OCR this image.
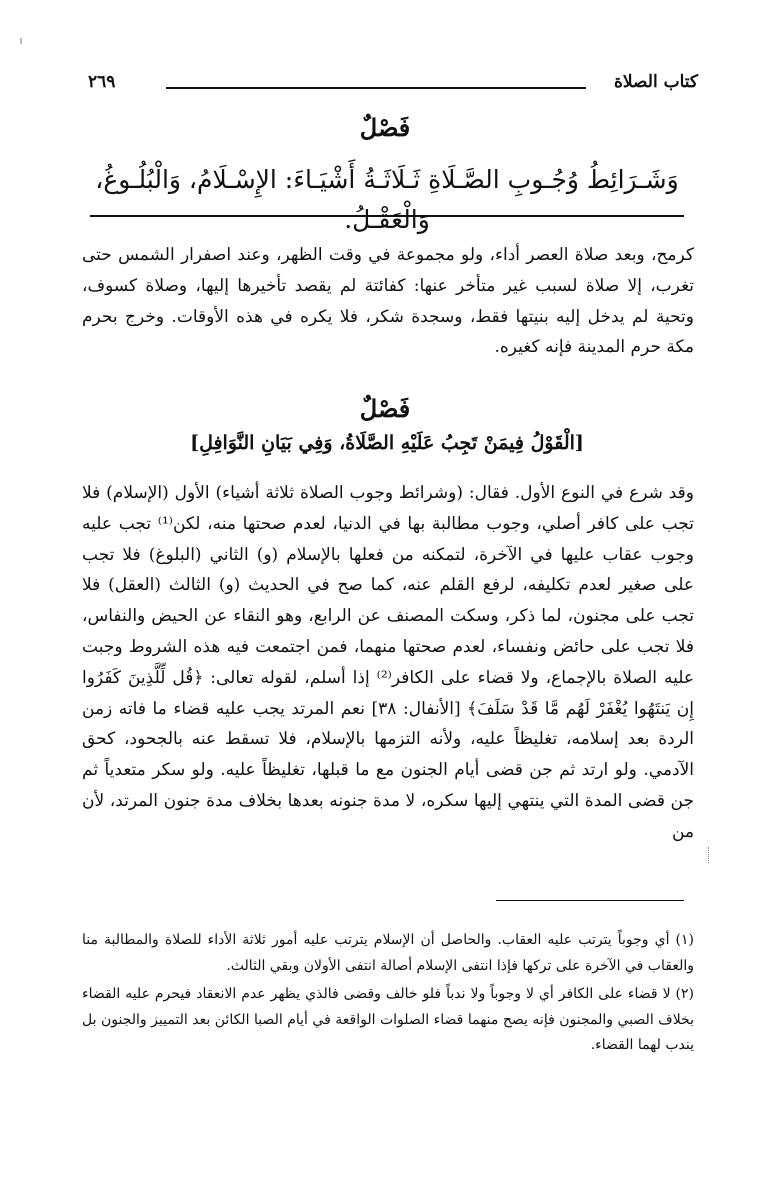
كتاب الصلاة
٢٦٩
فَصْلٌ
وَشَـرَائِطُ وُجُـوبِ الصَّـلَاةِ ثَـلَاثَـةُ أَشْيَـاءَ: الإِسْـلَامُ، وَالْبُلُـوغُ، وَالْعَقْـلُ.
كرمح، وبعد صلاة العصر أداء، ولو مجموعة في وقت الظهر، وعند اصفرار الشمس حتى تغرب، إلا صلاة لسبب غير متأخر عنها: كفائتة لم يقصد تأخيرها إليها، وصلاة كسوف، وتحية لم يدخل إليه بنيتها فقط، وسجدة شكر، فلا يكره في هذه الأوقات. وخرج بحرم مكة حرم المدينة فإنه كغيره.
فَصْلٌ
[الْقَوْلُ فِيمَنْ تَجِبُ عَلَيْهِ الصَّلَاةُ، وَفِي بَيَانِ النَّوَافِلِ]
وقد شرع في النوع الأول. فقال: (وشرائط وجوب الصلاة ثلاثة أشياء) الأول (الإسلام) فلا تجب على كافر أصلي، وجوب مطالبة بها في الدنيا، لعدم صحتها منه، لكن⁽¹⁾ تجب عليه وجوب عقاب عليها في الآخرة، لتمكنه من فعلها بالإسلام (و) الثاني (البلوغ) فلا تجب على صغير لعدم تكليفه، لرفع القلم عنه، كما صح في الحديث (و) الثالث (العقل) فلا تجب على مجنون، لما ذكر، وسكت المصنف عن الرابع، وهو النقاء عن الحيض والنفاس، فلا تجب على حائض ونفساء، لعدم صحتها منهما، فمن اجتمعت فيه هذه الشروط وجبت عليه الصلاة بالإجماع، ولا قضاء على الكافر⁽²⁾ إذا أسلم، لقوله تعالى: ﴿قُل لِّلَّذِينَ كَفَرُوا إِن يَنتَهُوا يُغْفَرْ لَهُم مَّا قَدْ سَلَفَ﴾ [الأنفال: ٣٨] نعم المرتد يجب عليه قضاء ما فاته زمن الردة بعد إسلامه، تغليظاً عليه، ولأنه التزمها بالإسلام، فلا تسقط عنه بالجحود، كحق الآدمي. ولو ارتد ثم جن قضى أيام الجنون مع ما قبلها، تغليظاً عليه. ولو سكر متعدياً ثم جن قضى المدة التي ينتهي إليها سكره، لا مدة جنونه بعدها بخلاف مدة جنون المرتد، لأن من

(١) أي وجوباً يترتب عليه العقاب. والحاصل أن الإسلام يترتب عليه أمور ثلاثة الأداء للصلاة والمطالبة منا والعقاب في الآخرة على تركها فإذا انتفى الإسلام أصالة انتفى الأولان وبقي الثالث.

(٢) لا قضاء على الكافر أي لا وجوباً ولا ندباً فلو خالف وقضى فالذي يظهر عدم الانعقاد فيحرم عليه القضاء بخلاف الصبي والمجنون فإنه يصح منهما قضاء الصلوات الواقعة في أيام الصبا الكائن بعد التمييز والجنون بل يندب لهما القضاء.
